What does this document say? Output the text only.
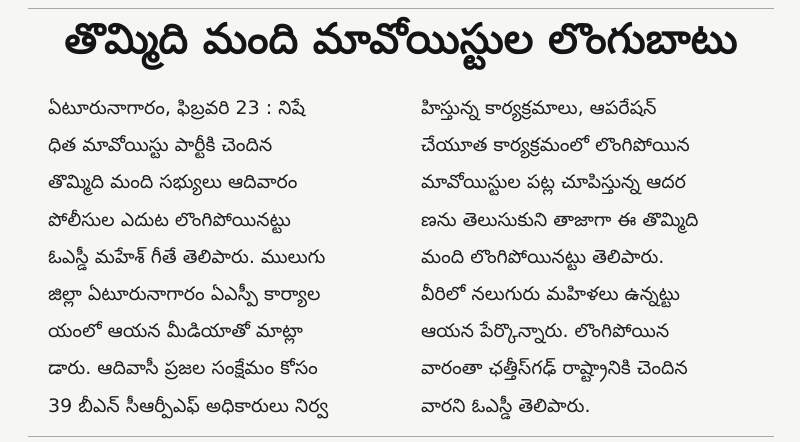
తొమ్మిది మంది మావోయిస్టుల లొంగుబాటు
ఏటూరునాగారం, ఫిబ్రవరి 23 : నిషే
ధిత మావోయిస్టు పార్టీకి చెందిన
తొమ్మిది మంది సభ్యులు ఆదివారం
పోలీసుల ఎదుట లొంగిపోయినట్టు
ఓఎస్డీ మహేశ్ గీతే తెలిపారు. ములుగు
జిల్లా ఏటూరునాగారం ఏఎస్పీ కార్యాల
యంలో ఆయన మీడియాతో మాట్లా
డారు. ఆదివాసీ ప్రజల సంక్షేమం కోసం
39 బీఎన్ సీఆర్పీఎఫ్ అధికారులు నిర్వ
హిస్తున్న కార్యక్రమాలు, ఆపరేషన్
చేయూత కార్యక్రమంలో లొంగిపోయిన
మావోయిస్టుల పట్ల చూపిస్తున్న ఆదర
ణను తెలుసుకుని తాజాగా ఈ తొమ్మిది
మంది లొంగిపోయినట్టు తెలిపారు.
వీరిలో నలుగురు మహిళలు ఉన్నట్టు
ఆయన పేర్కొన్నారు. లొంగిపోయిన
వారంతా ఛత్తీస్‌గఢ్ రాష్ట్రానికి చెందిన
వారని ఓఎస్డీ తెలిపారు.
